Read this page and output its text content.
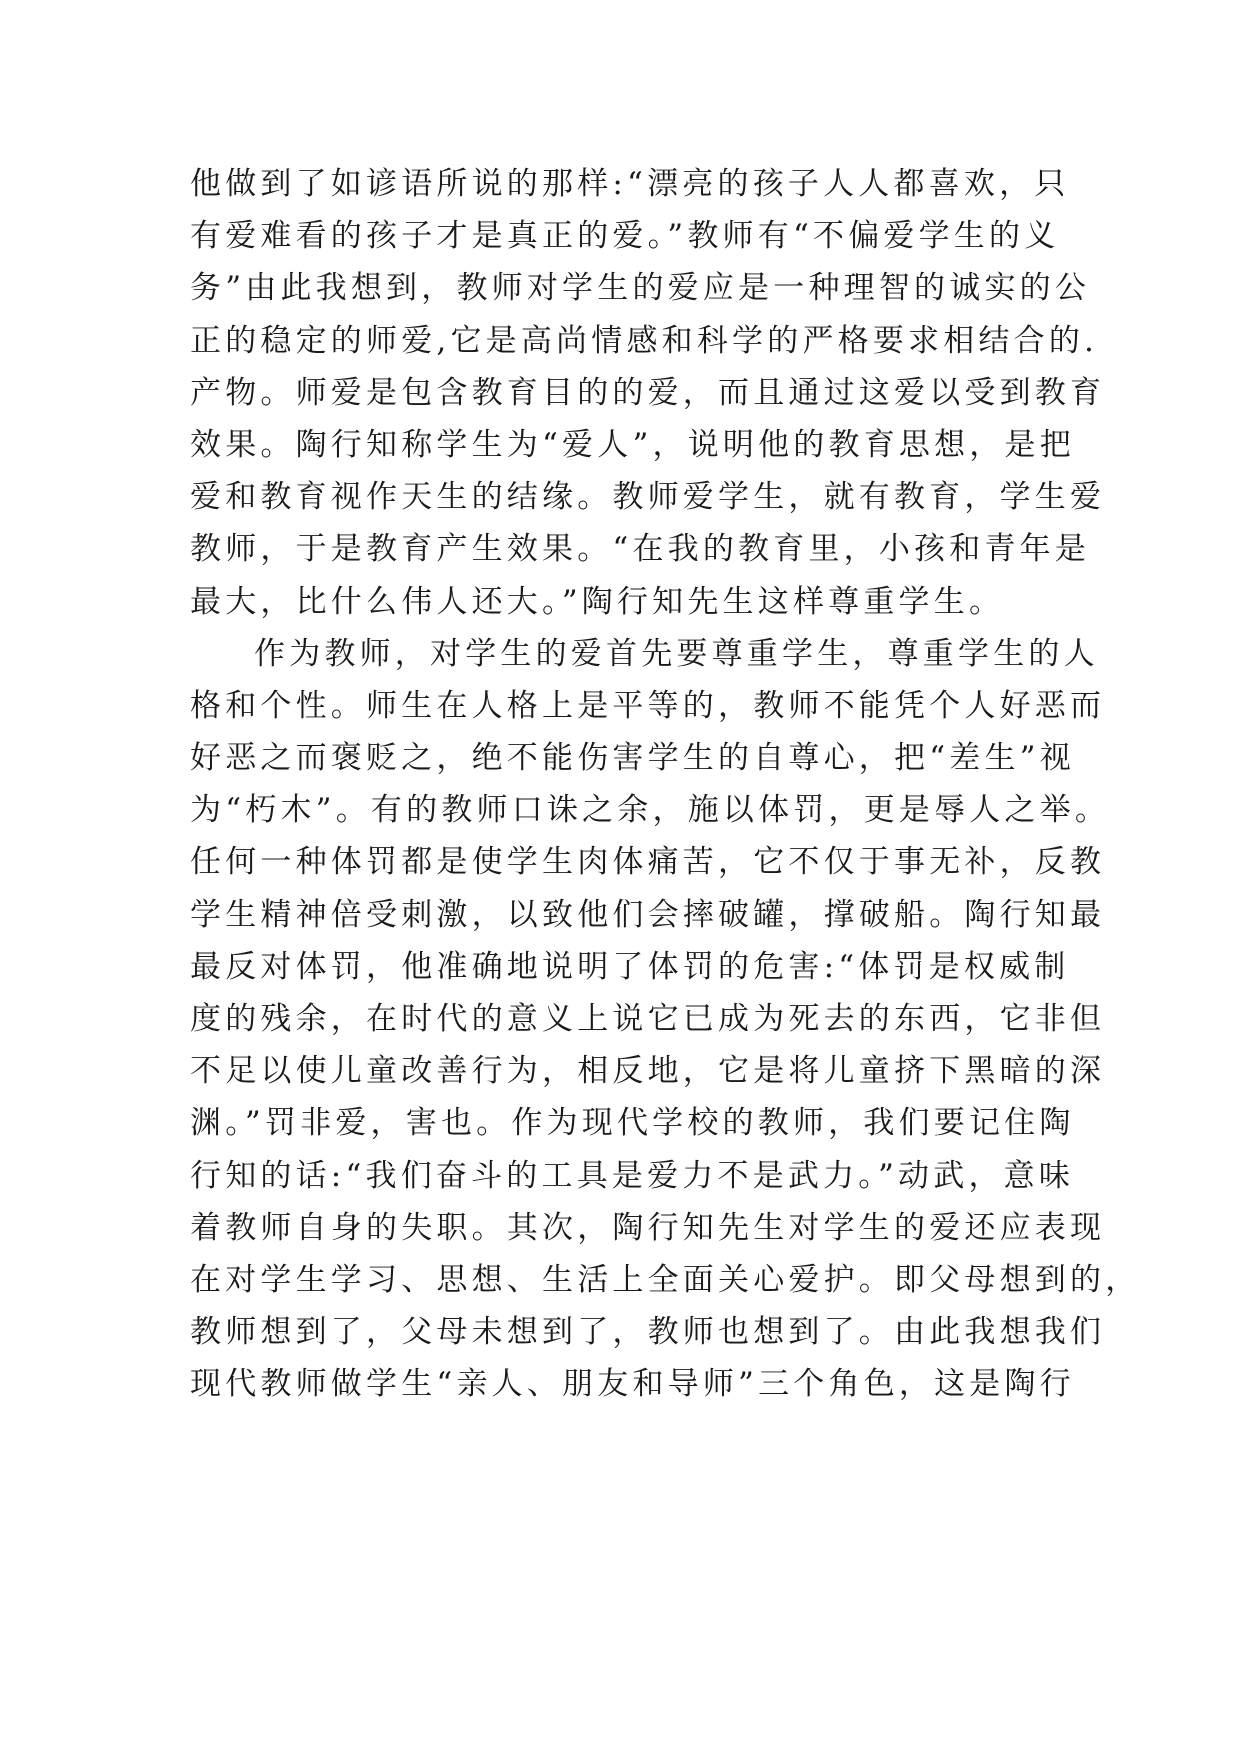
他做到了如谚语所说的那样:“漂亮的孩子人人都喜欢，只
有爱难看的孩子才是真正的爱。”教师有“不偏爱学生的义
务”由此我想到，教师对学生的爱应是一种理智的诚实的公
正的稳定的师爱,它是高尚情感和科学的严格要求相结合的.
产物。师爱是包含教育目的的爱，而且通过这爱以受到教育
效果。陶行知称学生为“爱人”，说明他的教育思想，是把
爱和教育视作天生的结缘。教师爱学生，就有教育，学生爱
教师，于是教育产生效果。“在我的教育里，小孩和青年是
最大，比什么伟人还大。”陶行知先生这样尊重学生。
作为教师，对学生的爱首先要尊重学生，尊重学生的人
格和个性。师生在人格上是平等的，教师不能凭个人好恶而
好恶之而褒贬之，绝不能伤害学生的自尊心，把“差生”视
为“朽木”。有的教师口诛之余，施以体罚，更是辱人之举。
任何一种体罚都是使学生肉体痛苦，它不仅于事无补，反教
学生精神倍受刺激，以致他们会摔破罐，撑破船。陶行知最
最反对体罚，他准确地说明了体罚的危害:“体罚是权威制
度的残余，在时代的意义上说它已成为死去的东西，它非但
不足以使儿童改善行为，相反地，它是将儿童挤下黑暗的深
渊。”罚非爱，害也。作为现代学校的教师，我们要记住陶
行知的话:“我们奋斗的工具是爱力不是武力。”动武，意味
着教师自身的失职。其次，陶行知先生对学生的爱还应表现
在对学生学习、思想、生活上全面关心爱护。即父母想到的，
教师想到了，父母未想到了，教师也想到了。由此我想我们
现代教师做学生“亲人、朋友和导师”三个角色，这是陶行
